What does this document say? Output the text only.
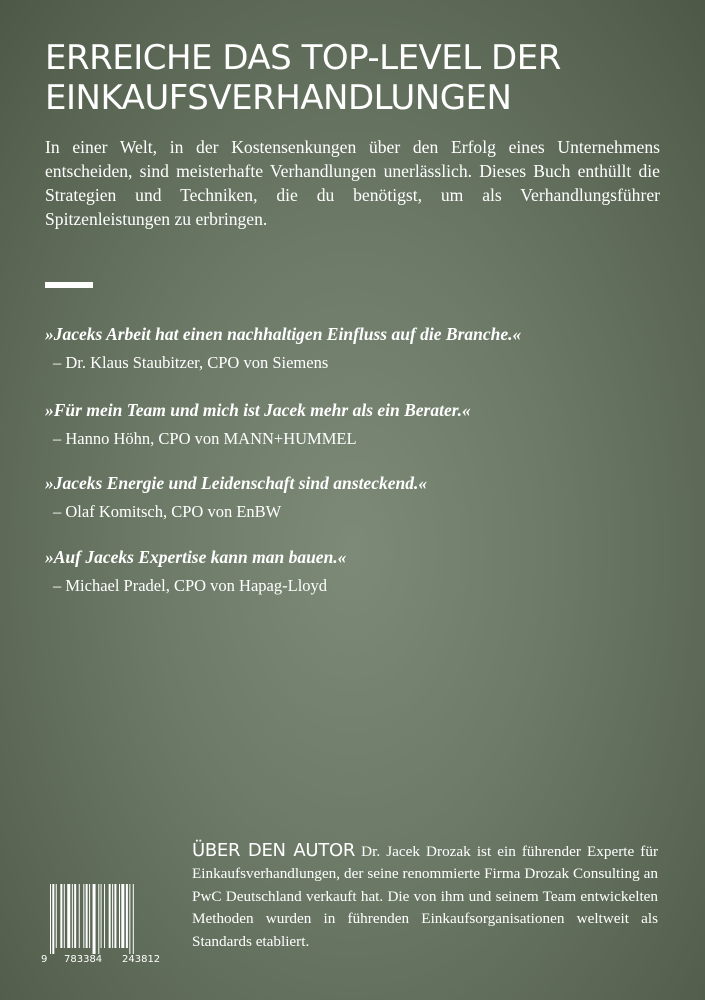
ERREICHE DAS TOP-LEVEL DER
EINKAUFSVERHANDLUNGEN

In einer Welt, in der Kostensenkungen über den Erfolg eines Unternehmens entscheiden, sind meisterhafte Verhandlungen unerlässlich. Dieses Buch enthüllt die Strategien und Techniken, die du benötigst, um als Verhandlungsführer Spitzenleistungen zu erbringen.

»Jaceks Arbeit hat einen nachhaltigen Einfluss auf die Branche.«

– Dr. Klaus Staubitzer, CPO von Siemens

»Für mein Team und mich ist Jacek mehr als ein Berater.«

– Hanno Höhn, CPO von MANN+HUMMEL

»Jaceks Energie und Leidenschaft sind ansteckend.«

– Olaf Komitsch, CPO von EnBW

»Auf Jaceks Expertise kann man bauen.«

– Michael Pradel, CPO von Hapag-Lloyd

9 783384 243812

ÜBER DEN AUTOR Dr. Jacek Drozak ist ein führender Experte für Einkaufsverhandlungen, der seine renommierte Firma Drozak Consulting an PwC Deutschland verkauft hat. Die von ihm und seinem Team entwickelten Methoden wurden in führenden Einkaufsorganisationen weltweit als Standards etabliert.
